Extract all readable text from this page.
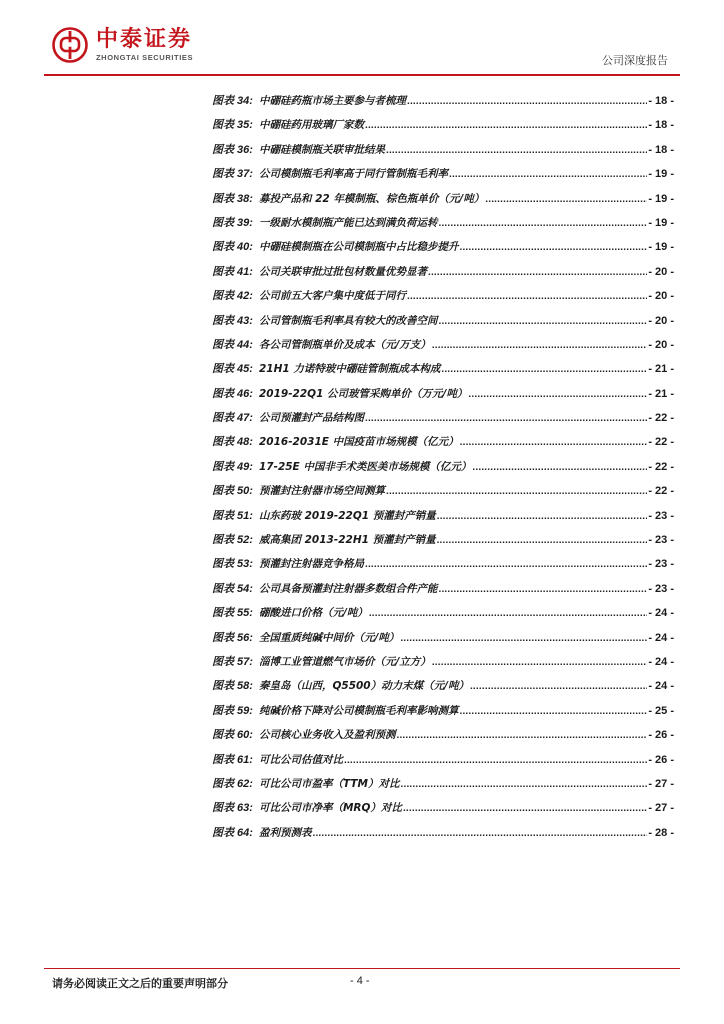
中泰证券
ZHONGTAI SECURITIES	公司深度报告
图表 34: 中硼硅药瓶市场主要参与者梳理 .....	- 18 -
图表 35: 中硼硅药用玻璃厂家数 .....	- 18 -
图表 36: 中硼硅模制瓶关联审批结果 .....	- 18 -
图表 37: 公司模制瓶毛利率高于同行管制瓶毛利率 .....	- 19 -
图表 38: 募投产品和 22 年模制瓶、棕色瓶单价（元/吨） .....	- 19 -
图表 39: 一级耐水模制瓶产能已达到满负荷运转 .....	- 19 -
图表 40: 中硼硅模制瓶在公司模制瓶中占比稳步提升 .....	- 19 -
图表 41: 公司关联审批过批包材数量优势显著 .....	- 20 -
图表 42: 公司前五大客户集中度低于同行 .....	- 20 -
图表 43: 公司管制瓶毛利率具有较大的改善空间 .....	- 20 -
图表 44: 各公司管制瓶单价及成本（元/万支） .....	- 20 -
图表 45: 21H1 力诺特玻中硼硅管制瓶成本构成 .....	- 21 -
图表 46: 2019-22Q1 公司玻管采购单价（万元/吨） .....	- 21 -
图表 47: 公司预灌封产品结构图 .....	- 22 -
图表 48: 2016-2031E 中国疫苗市场规模（亿元） .....	- 22 -
图表 49: 17-25E 中国非手术类医美市场规模（亿元） .....	- 22 -
图表 50: 预灌封注射器市场空间测算 .....	- 22 -
图表 51: 山东药玻 2019-22Q1 预灌封产销量 .....	- 23 -
图表 52: 威高集团 2013-22H1 预灌封产销量 .....	- 23 -
图表 53: 预灌封注射器竞争格局 .....	- 23 -
图表 54: 公司具备预灌封注射器多数组合件产能 .....	- 23 -
图表 55: 硼酸进口价格（元/吨） .....	- 24 -
图表 56: 全国重质纯碱中间价（元/吨） .....	- 24 -
图表 57: 淄博工业管道燃气市场价（元/立方） .....	- 24 -
图表 58: 秦皇岛（山西，Q5500）动力末煤（元/吨） .....	- 24 -
图表 59: 纯碱价格下降对公司模制瓶毛利率影响测算 .....	- 25 -
图表 60: 公司核心业务收入及盈利预测 .....	- 26 -
图表 61: 可比公司估值对比 .....	- 26 -
图表 62: 可比公司市盈率（TTM）对比 .....	- 27 -
图表 63: 可比公司市净率（MRQ）对比 .....	- 27 -
图表 64: 盈利预测表 .....	- 28 -
请务必阅读正文之后的重要声明部分	- 4 -
